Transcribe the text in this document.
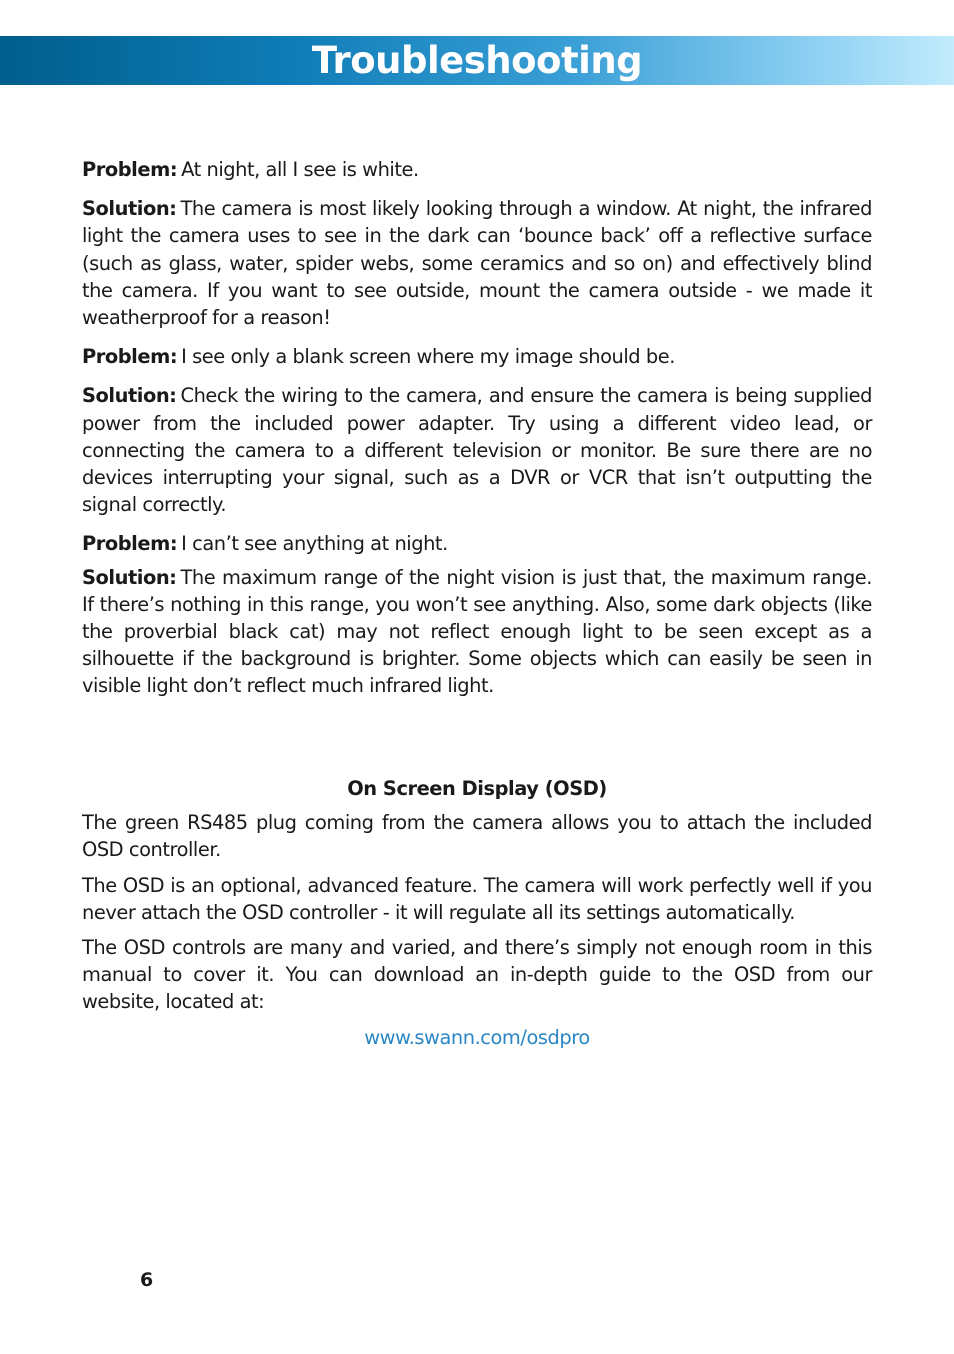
Troubleshooting

Problem: At night, all I see is white.

Solution: The camera is most likely looking through a window. At night, the infrared light the camera uses to see in the dark can ‘bounce back’ off a reflective surface (such as glass, water, spider webs, some ceramics and so on) and effectively blind the camera. If you want to see outside, mount the camera outside - we made it weatherproof for a reason!

Problem: I see only a blank screen where my image should be.

Solution: Check the wiring to the camera, and ensure the camera is being supplied power from the included power adapter. Try using a different video lead, or connecting the camera to a different television or monitor. Be sure there are no devices interrupting your signal, such as a DVR or VCR that isn’t outputting the signal correctly.

Problem: I can’t see anything at night.

Solution: The maximum range of the night vision is just that, the maximum range. If there’s nothing in this range, you won’t see anything. Also, some dark objects (like the proverbial black cat) may not reflect enough light to be seen except as a silhouette if the background is brighter. Some objects which can easily be seen in visible light don’t reflect much infrared light.

On Screen Display (OSD)

The green RS485 plug coming from the camera allows you to attach the included OSD controller.

The OSD is an optional, advanced feature. The camera will work perfectly well if you never attach the OSD controller - it will regulate all its settings automatically.

The OSD controls are many and varied, and there’s simply not enough room in this manual to cover it. You can download an in-depth guide to the OSD from our website, located at:

www.swann.com/osdpro
6
